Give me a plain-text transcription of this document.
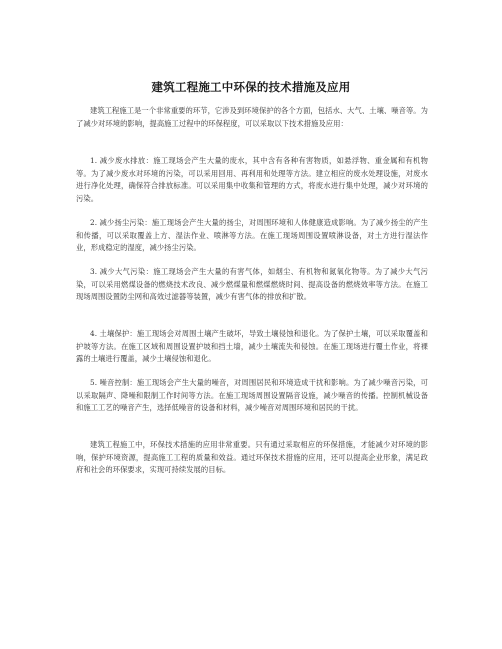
建筑工程施工中环保的技术措施及应用
建筑工程施工是一个非常重要的环节，它涉及到环境保护的各个方面，包括水、大气、土壤、噪音等。为了减少对环境的影响，提高施工过程中的环保程度，可以采取以下技术措施及应用：
1. 减少废水排放：施工现场会产生大量的废水，其中含有各种有害物质，如悬浮物、重金属和有机物等。为了减少废水对环境的污染，可以采用回用、再利用和处理等方法。建立相应的废水处理设施，对废水进行净化处理，确保符合排放标准。可以采用集中收集和管理的方式，将废水进行集中处理，减少对环境的污染。
2. 减少扬尘污染：施工现场会产生大量的扬尘，对周围环境和人体健康造成影响。为了减少扬尘的产生和传播，可以采取覆盖上方、湿法作业、喷淋等方法。在施工现场周围设置喷淋设备，对土方进行湿法作业，形成稳定的湿度，减少扬尘污染。
3. 减少大气污染：施工现场会产生大量的有害气体，如烟尘、有机物和氮氧化物等。为了减少大气污染，可以采用燃煤设备的燃烧技术改良、减少燃煤量和燃煤燃烧时间、提高设备的燃烧效率等方法。在施工现场周围设置防尘网和高效过滤器等装置，减少有害气体的排放和扩散。
4. 土壤保护：施工现场会对周围土壤产生破坏，导致土壤侵蚀和退化。为了保护土壤，可以采取覆盖和护坡等方法。在施工区域和周围设置护坡和挡土墙，减少土壤流失和侵蚀。在施工现场进行覆土作业，将裸露的土壤进行覆盖，减少土壤侵蚀和退化。
5. 噪音控制：施工现场会产生大量的噪音，对周围居民和环境造成干扰和影响。为了减少噪音污染，可以采取隔声、降噪和限制工作时间等方法。在施工现场周围设置隔音设施，减少噪音的传播。控制机械设备和施工工艺的噪音产生，选择低噪音的设备和材料，减少噪音对周围环境和居民的干扰。
建筑工程施工中，环保技术措施的应用非常重要。只有通过采取相应的环保措施，才能减少对环境的影响，保护环境资源，提高施工工程的质量和效益。通过环保技术措施的应用，还可以提高企业形象，满足政府和社会的环保要求，实现可持续发展的目标。
